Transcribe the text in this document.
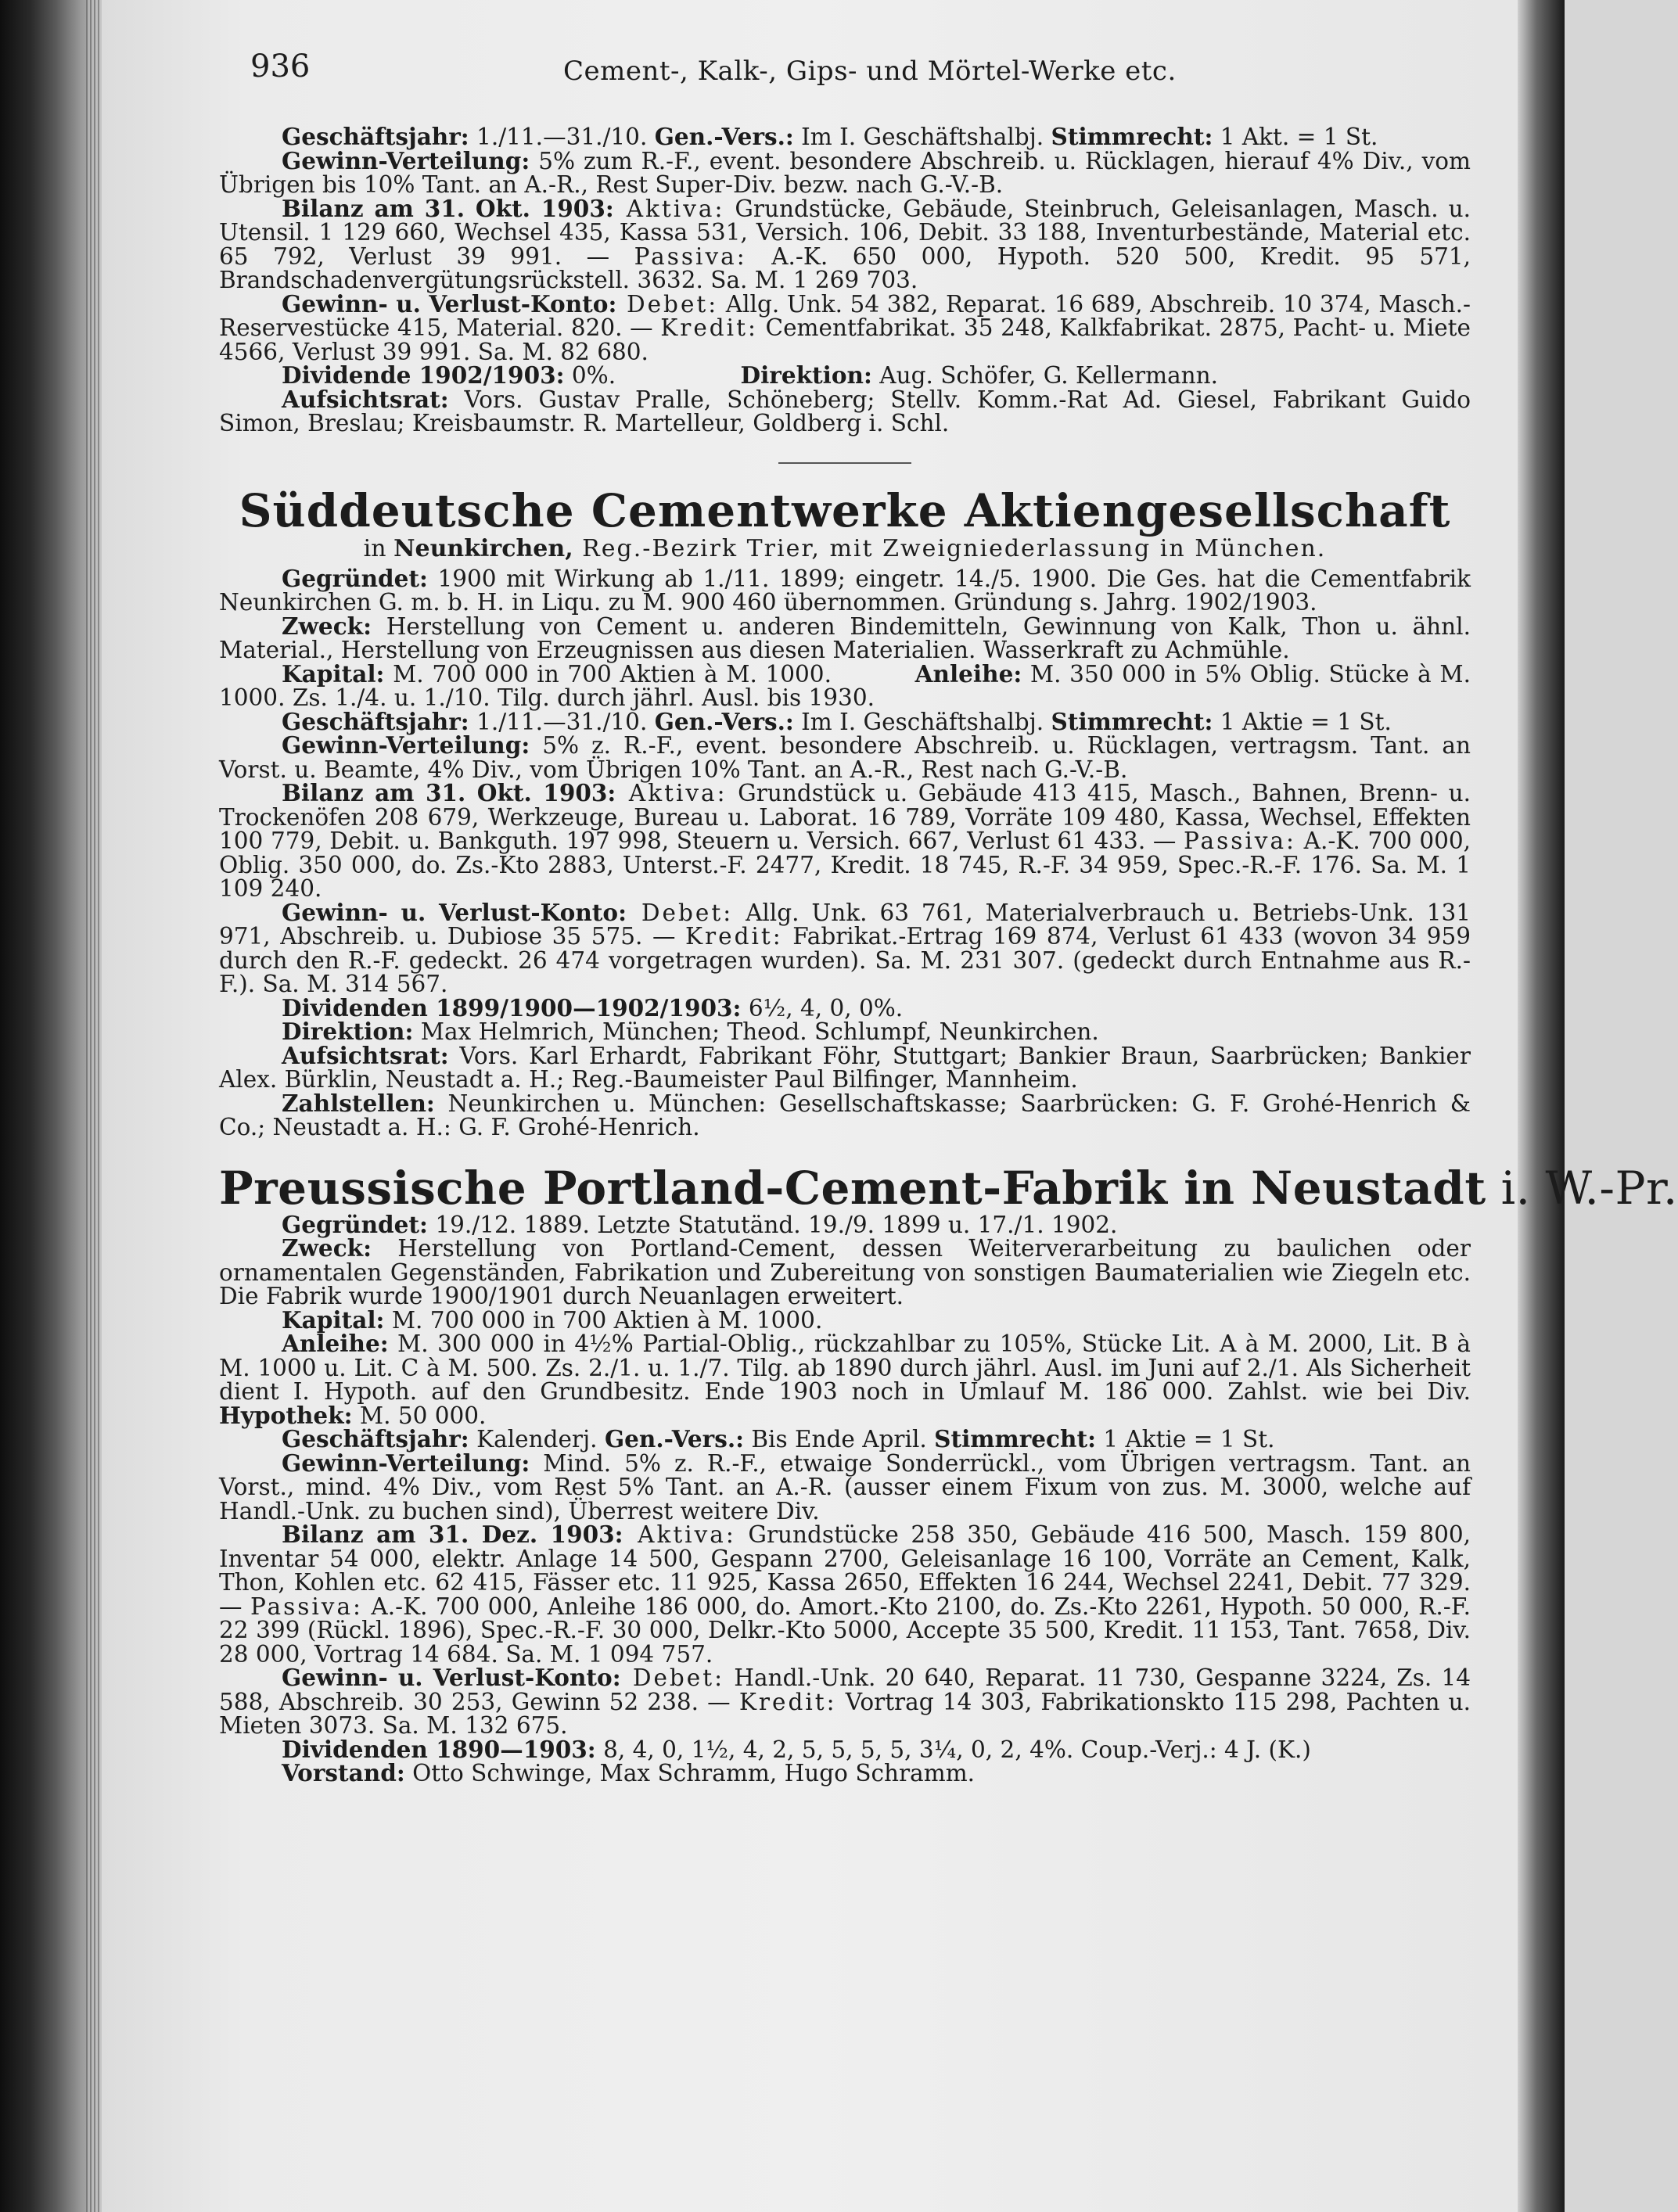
936	Cement-, Kalk-, Gips- und Mörtel-Werke etc.

Geschäftsjahr: 1./11.—31./10. Gen.-Vers.: Im I. Geschäftshalbj. Stimmrecht: 1 Akt. = 1 St.

Gewinn-Verteilung: 5% zum R.-F., event. besondere Abschreib. u. Rücklagen, hierauf 4% Div., vom Übrigen bis 10% Tant. an A.-R., Rest Super-Div. bezw. nach G.-V.-B.

Bilanz am 31. Okt. 1903: Aktiva: Grundstücke, Gebäude, Steinbruch, Geleisanlagen, Masch. u. Utensil. 1 129 660, Wechsel 435, Kassa 531, Versich. 106, Debit. 33 188, Inventurbestände, Material etc. 65 792, Verlust 39 991. — Passiva: A.-K. 650 000, Hypoth. 520 500, Kredit. 95 571, Brandschadenvergütungsrückstell. 3632. Sa. M. 1 269 703.

Gewinn- u. Verlust-Konto: Debet: Allg. Unk. 54 382, Reparat. 16 689, Abschreib. 10 374, Masch.-Reservestücke 415, Material. 820. — Kredit: Cementfabrikat. 35 248, Kalkfabrikat. 2875, Pacht- u. Miete 4566, Verlust 39 991. Sa. M. 82 680.

Dividende 1902/1903: 0%.                 Direktion: Aug. Schöfer, G. Kellermann.

Aufsichtsrat: Vors. Gustav Pralle, Schöneberg; Stellv. Komm.-Rat Ad. Giesel, Fabrikant Guido Simon, Breslau; Kreisbaumstr. R. Martelleur, Goldberg i. Schl.

Süddeutsche Cementwerke Aktiengesellschaft
in Neunkirchen, Reg.-Bezirk Trier, mit Zweigniederlassung in München.

Gegründet: 1900 mit Wirkung ab 1./11. 1899; eingetr. 14./5. 1900. Die Ges. hat die Cementfabrik Neunkirchen G. m. b. H. in Liqu. zu M. 900 460 übernommen. Gründung s. Jahrg. 1902/1903.

Zweck: Herstellung von Cement u. anderen Bindemitteln, Gewinnung von Kalk, Thon u. ähnl. Material., Herstellung von Erzeugnissen aus diesen Materialien. Wasserkraft zu Achmühle.

Kapital: M. 700 000 in 700 Aktien à M. 1000.          Anleihe: M. 350 000 in 5% Oblig. Stücke à M. 1000. Zs. 1./4. u. 1./10. Tilg. durch jährl. Ausl. bis 1930.

Geschäftsjahr: 1./11.—31./10. Gen.-Vers.: Im I. Geschäftshalbj. Stimmrecht: 1 Aktie = 1 St.

Gewinn-Verteilung: 5% z. R.-F., event. besondere Abschreib. u. Rücklagen, vertragsm. Tant. an Vorst. u. Beamte, 4% Div., vom Übrigen 10% Tant. an A.-R., Rest nach G.-V.-B.

Bilanz am 31. Okt. 1903: Aktiva: Grundstück u. Gebäude 413 415, Masch., Bahnen, Brenn- u. Trockenöfen 208 679, Werkzeuge, Bureau u. Laborat. 16 789, Vorräte 109 480, Kassa, Wechsel, Effekten 100 779, Debit. u. Bankguth. 197 998, Steuern u. Versich. 667, Verlust 61 433. — Passiva: A.-K. 700 000, Oblig. 350 000, do. Zs.-Kto 2883, Unterst.-F. 2477, Kredit. 18 745, R.-F. 34 959, Spec.-R.-F. 176. Sa. M. 1 109 240.

Gewinn- u. Verlust-Konto: Debet: Allg. Unk. 63 761, Materialverbrauch u. Betriebs-Unk. 131 971, Abschreib. u. Dubiose 35 575. — Kredit: Fabrikat.-Ertrag 169 874, Verlust 61 433 (wovon 34 959 durch den R.-F. gedeckt. 26 474 vorgetragen wurden). Sa. M. 231 307. (gedeckt durch Entnahme aus R.-F.). Sa. M. 314 567.

Dividenden 1899/1900—1902/1903: 6½, 4, 0, 0%.

Direktion: Max Helmrich, München; Theod. Schlumpf, Neunkirchen.

Aufsichtsrat: Vors. Karl Erhardt, Fabrikant Föhr, Stuttgart; Bankier Braun, Saarbrücken; Bankier Alex. Bürklin, Neustadt a. H.; Reg.-Baumeister Paul Bilfinger, Mannheim.

Zahlstellen: Neunkirchen u. München: Gesellschaftskasse; Saarbrücken: G. F. Grohé-Henrich & Co.; Neustadt a. H.: G. F. Grohé-Henrich.

Preussische Portland-Cement-Fabrik in Neustadt i. W.-Pr.

Gegründet: 19./12. 1889. Letzte Statutänd. 19./9. 1899 u. 17./1. 1902.

Zweck: Herstellung von Portland-Cement, dessen Weiterverarbeitung zu baulichen oder ornamentalen Gegenständen, Fabrikation und Zubereitung von sonstigen Baumaterialien wie Ziegeln etc. Die Fabrik wurde 1900/1901 durch Neuanlagen erweitert.

Kapital: M. 700 000 in 700 Aktien à M. 1000.

Anleihe: M. 300 000 in 4½% Partial-Oblig., rückzahlbar zu 105%, Stücke Lit. A à M. 2000, Lit. B à M. 1000 u. Lit. C à M. 500. Zs. 2./1. u. 1./7. Tilg. ab 1890 durch jährl. Ausl. im Juni auf 2./1. Als Sicherheit dient I. Hypoth. auf den Grundbesitz. Ende 1903 noch in Umlauf M. 186 000. Zahlst. wie bei Div.          Hypothek: M. 50 000.

Geschäftsjahr: Kalenderj. Gen.-Vers.: Bis Ende April. Stimmrecht: 1 Aktie = 1 St.

Gewinn-Verteilung: Mind. 5% z. R.-F., etwaige Sonderrückl., vom Übrigen vertragsm. Tant. an Vorst., mind. 4% Div., vom Rest 5% Tant. an A.-R. (ausser einem Fixum von zus. M. 3000, welche auf Handl.-Unk. zu buchen sind), Überrest weitere Div.

Bilanz am 31. Dez. 1903: Aktiva: Grundstücke 258 350, Gebäude 416 500, Masch. 159 800, Inventar 54 000, elektr. Anlage 14 500, Gespann 2700, Geleisanlage 16 100, Vorräte an Cement, Kalk, Thon, Kohlen etc. 62 415, Fässer etc. 11 925, Kassa 2650, Effekten 16 244, Wechsel 2241, Debit. 77 329. — Passiva: A.-K. 700 000, Anleihe 186 000, do. Amort.-Kto 2100, do. Zs.-Kto 2261, Hypoth. 50 000, R.-F. 22 399 (Rückl. 1896), Spec.-R.-F. 30 000, Delkr.-Kto 5000, Accepte 35 500, Kredit. 11 153, Tant. 7658, Div. 28 000, Vortrag 14 684. Sa. M. 1 094 757.

Gewinn- u. Verlust-Konto: Debet: Handl.-Unk. 20 640, Reparat. 11 730, Gespanne 3224, Zs. 14 588, Abschreib. 30 253, Gewinn 52 238. — Kredit: Vortrag 14 303, Fabrikationskto 115 298, Pachten u. Mieten 3073. Sa. M. 132 675.

Dividenden 1890—1903: 8, 4, 0, 1½, 4, 2, 5, 5, 5, 5, 3¼, 0, 2, 4%. Coup.-Verj.: 4 J. (K.)

Vorstand: Otto Schwinge, Max Schramm, Hugo Schramm.
